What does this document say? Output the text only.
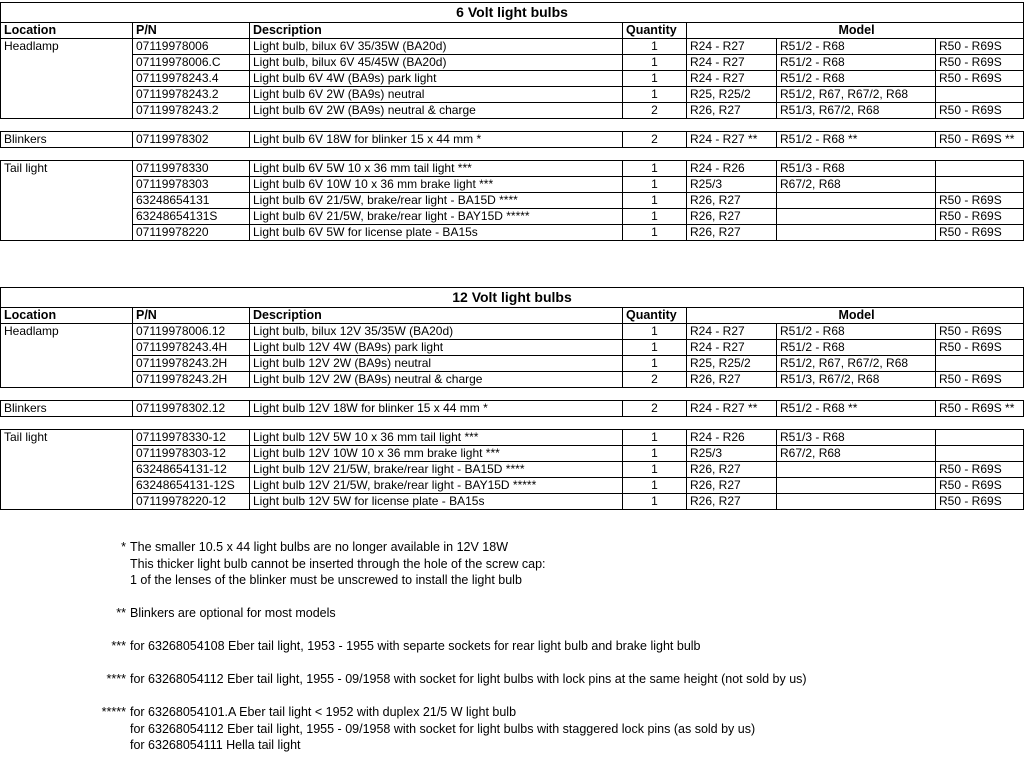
6 Volt light bulbs						
Location	P/N	Description	Quantity	Model		
Headlamp	07119978006	Light bulb, bilux 6V 35/35W (BA20d)	1	R24 - R27	R51/2 - R68	R50 - R69S
	07119978006.C	Light bulb, bilux 6V 45/45W (BA20d)	1	R24 - R27	R51/2 - R68	R50 - R69S
	07119978243.4	Light bulb 6V 4W (BA9s) park light	1	R24 - R27	R51/2 - R68	R50 - R69S
	07119978243.2	Light bulb 6V 2W (BA9s) neutral	1	R25, R25/2	R51/2, R67, R67/2, R68	
	07119978243.2	Light bulb 6V 2W (BA9s) neutral & charge	2	R26, R27	R51/3, R67/2, R68	R50 - R69S

Blinkers	07119978302	Light bulb 6V 18W for blinker 15 x 44 mm *	2	R24 - R27 **	R51/2 - R68 **	R50 - R69S **

Tail light	07119978330	Light bulb 6V 5W 10 x 36 mm tail light ***	1	R24 - R26	R51/3 - R68	
	07119978303	Light bulb 6V 10W 10 x 36 mm brake light ***	1	R25/3	R67/2, R68	
	63248654131	Light bulb 6V 21/5W, brake/rear light - BA15D ****	1	R26, R27		R50 - R69S
	63248654131S	Light bulb 6V 21/5W, brake/rear light - BAY15D *****	1	R26, R27		R50 - R69S
	07119978220	Light bulb 6V 5W for license plate - BA15s	1	R26, R27		R50 - R69S
12 Volt light bulbs						
Location	P/N	Description	Quantity	Model		
Headlamp	07119978006.12	Light bulb, bilux 12V 35/35W (BA20d)	1	R24 - R27	R51/2 - R68	R50 - R69S
	07119978243.4H	Light bulb 12V 4W (BA9s) park light	1	R24 - R27	R51/2 - R68	R50 - R69S
	07119978243.2H	Light bulb 12V 2W (BA9s) neutral	1	R25, R25/2	R51/2, R67, R67/2, R68	
	07119978243.2H	Light bulb 12V 2W (BA9s) neutral & charge	2	R26, R27	R51/3, R67/2, R68	R50 - R69S

Blinkers	07119978302.12	Light bulb 12V 18W for blinker 15 x 44 mm *	2	R24 - R27 **	R51/2 - R68 **	R50 - R69S **

Tail light	07119978330-12	Light bulb 12V 5W 10 x 36 mm tail light ***	1	R24 - R26	R51/3 - R68	
	07119978303-12	Light bulb 12V 10W 10 x 36 mm brake light ***	1	R25/3	R67/2, R68	
	63248654131-12	Light bulb 12V 21/5W, brake/rear light - BA15D ****	1	R26, R27		R50 - R69S
	63248654131-12S	Light bulb 12V 21/5W, brake/rear light - BAY15D *****	1	R26, R27		R50 - R69S
	07119978220-12	Light bulb 12V 5W for license plate - BA15s	1	R26, R27		R50 - R69S
* The smaller 10.5 x 44 light bulbs are no longer available in 12V 18W
This thicker light bulb cannot be inserted through the hole of the screw cap:
1 of the lenses of the blinker must be unscrewed to install the light bulb
** Blinkers are optional for most models
*** for 63268054108 Eber tail light, 1953 - 1955 with separte sockets for rear light bulb and brake light bulb
**** for 63268054112 Eber tail light, 1955 - 09/1958 with socket for light bulbs with lock pins at the same height (not sold by us)
***** for 63268054101.A Eber tail light < 1952 with duplex 21/5 W light bulb
for 63268054112 Eber tail light, 1955 - 09/1958 with socket for light bulbs with staggered lock pins (as sold by us)
for 63268054111 Hella tail light
